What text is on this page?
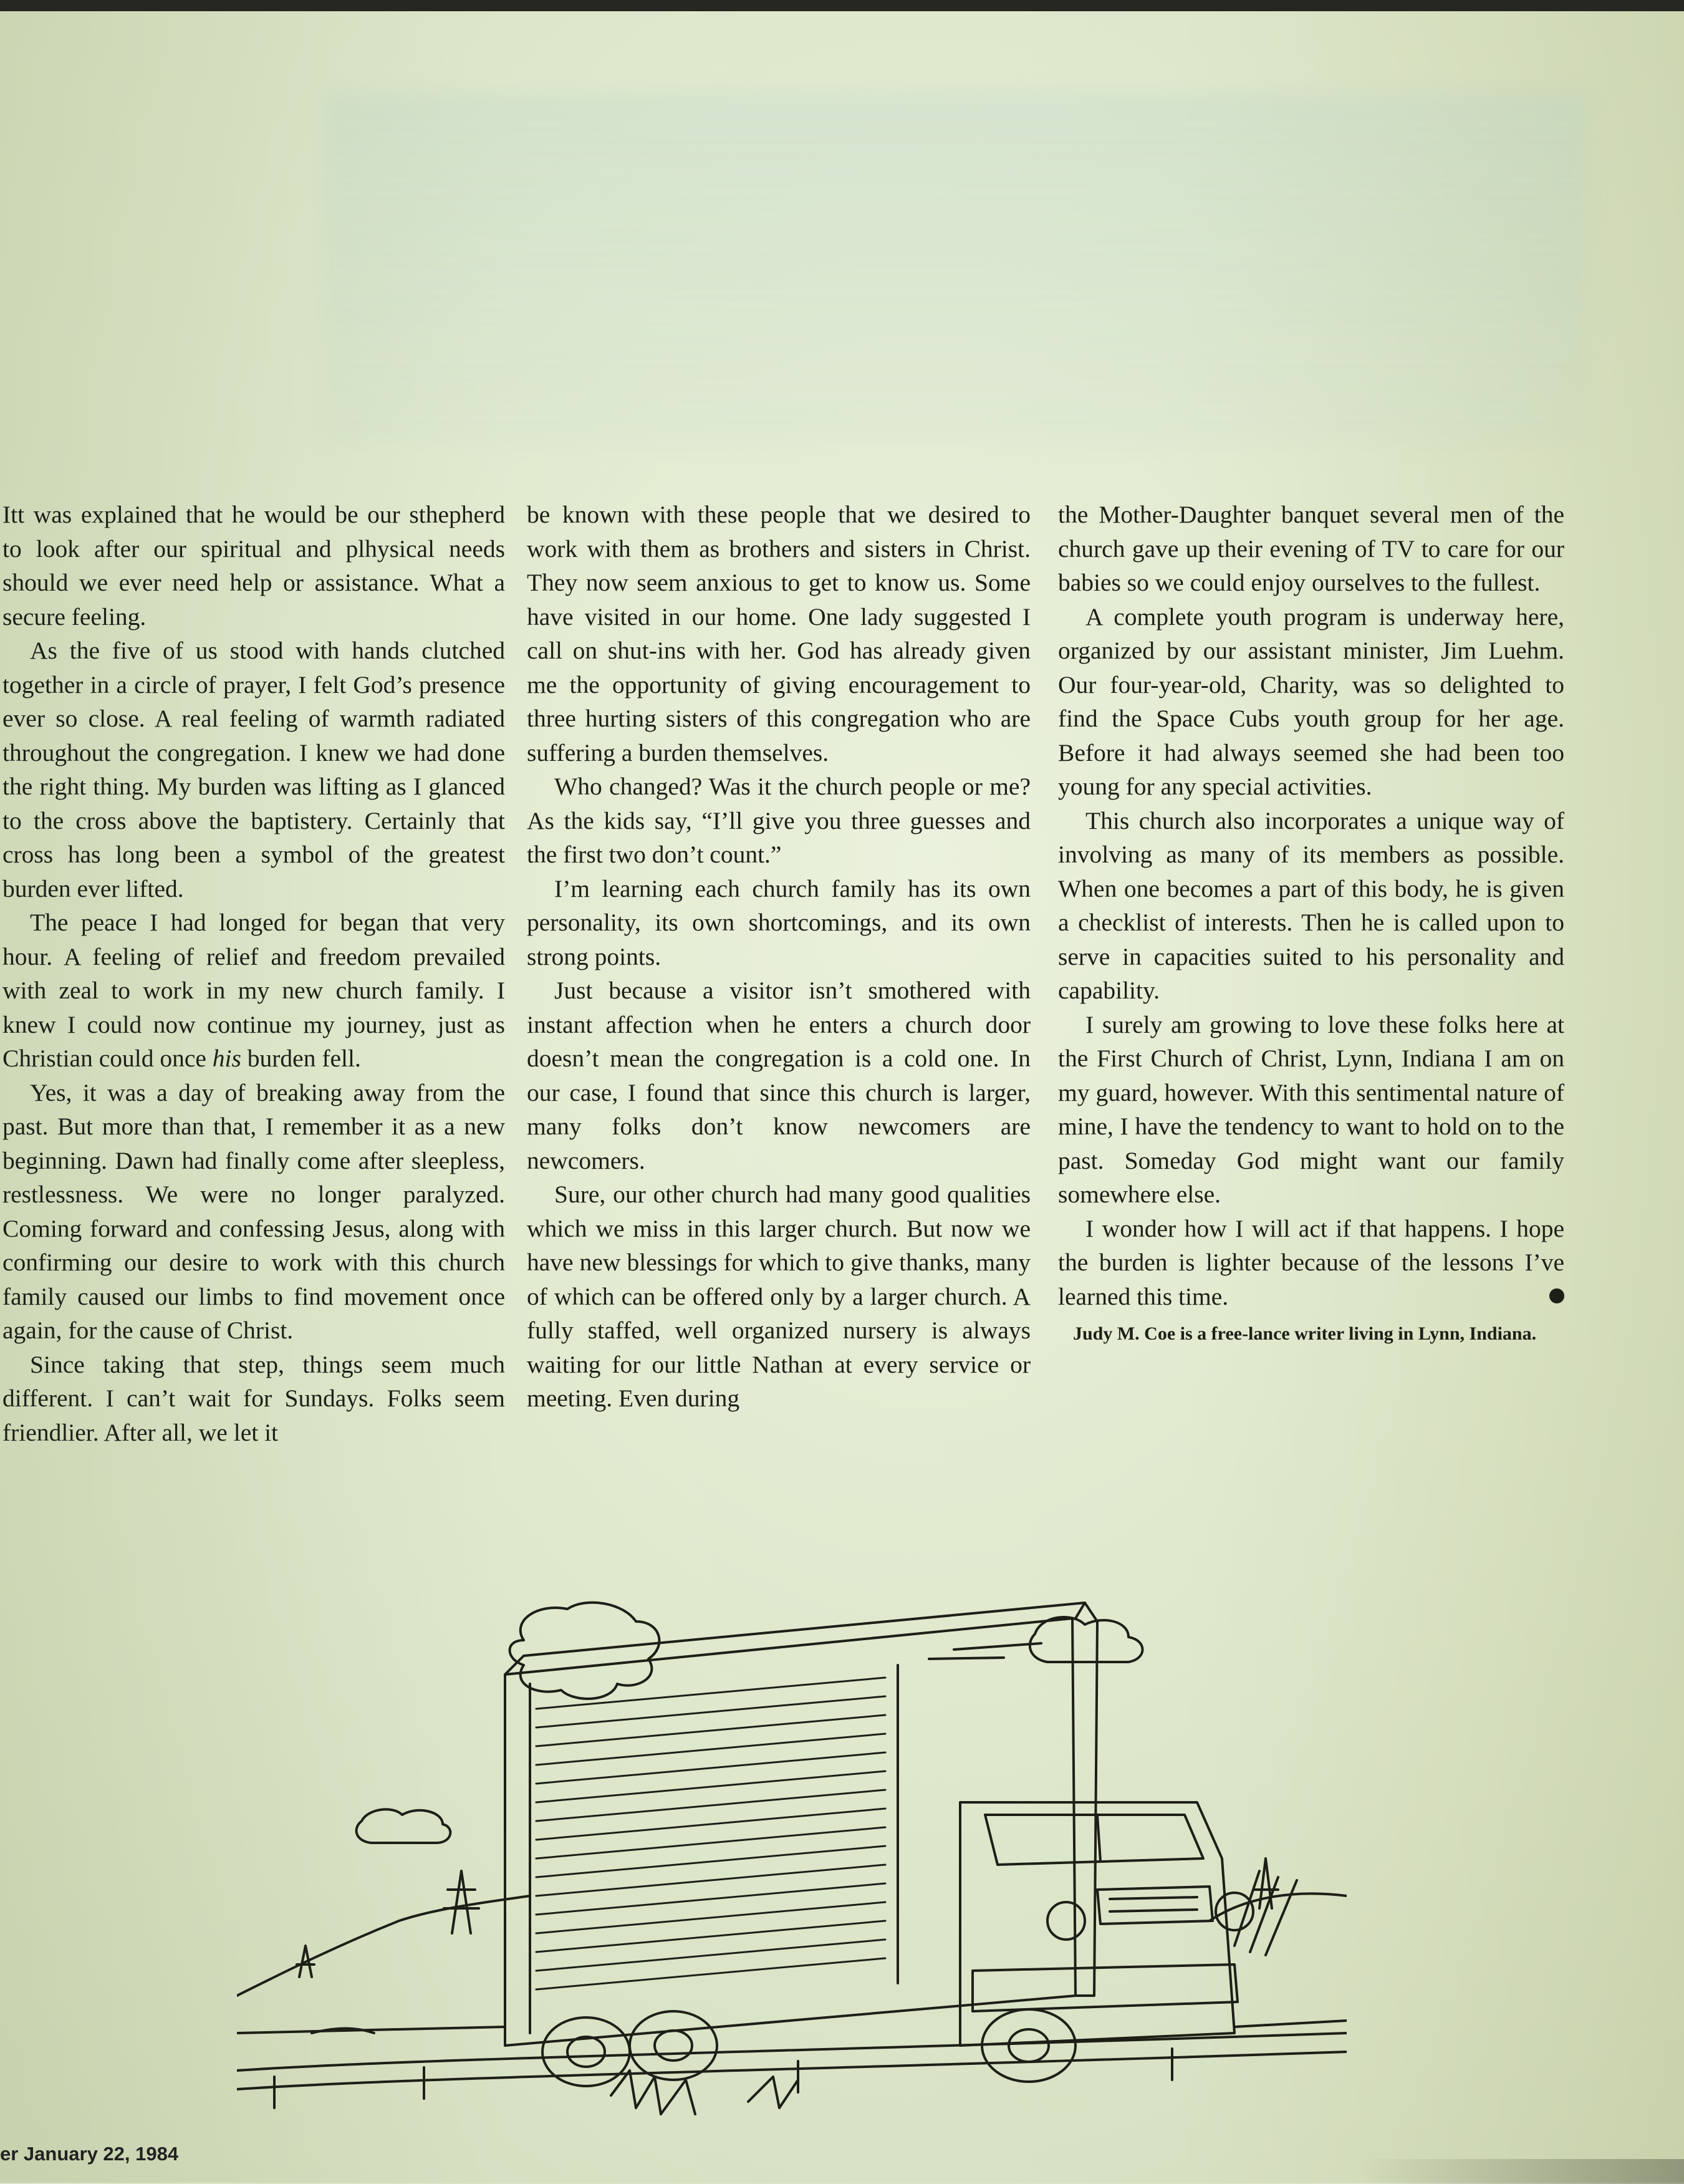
Itt was explained that he would be our sthepherd to look after our spiritual and plhysical needs should we ever need help or assistance. What a secure feeling.

As the five of us stood with hands clutched together in a circle of prayer, I felt God’s presence ever so close. A real feeling of warmth radiated throughout the congregation. I knew we had done the right thing. My burden was lifting as I glanced to the cross above the baptistery. Certainly that cross has long been a symbol of the greatest burden ever lifted.

The peace I had longed for began that very hour. A feeling of relief and freedom prevailed with zeal to work in my new church family. I knew I could now continue my journey, just as Christian could once his burden fell.

Yes, it was a day of breaking away from the past. But more than that, I remember it as a new beginning. Dawn had finally come after sleepless, restlessness. We were no longer paralyzed. Coming forward and confessing Jesus, along with confirming our desire to work with this church family caused our limbs to find movement once again, for the cause of Christ.

Since taking that step, things seem much different. I can’t wait for Sundays. Folks seem friendlier. After all, we let it

be known with these people that we desired to work with them as brothers and sisters in Christ. They now seem anxious to get to know us. Some have visited in our home. One lady suggested I call on shut-ins with her. God has already given me the opportunity of giving encouragement to three hurting sisters of this congregation who are suffering a burden themselves.

Who changed? Was it the church people or me? As the kids say, “I’ll give you three guesses and the first two don’t count.”

I’m learning each church family has its own personality, its own shortcomings, and its own strong points.

Just because a visitor isn’t smothered with instant affection when he enters a church door doesn’t mean the congregation is a cold one. In our case, I found that since this church is larger, many folks don’t know newcomers are newcomers.

Sure, our other church had many good qualities which we miss in this larger church. But now we have new blessings for which to give thanks, many of which can be offered only by a larger church. A fully staffed, well organized nursery is always waiting for our little Nathan at every service or meeting. Even during

the Mother-Daughter banquet several men of the church gave up their evening of TV to care for our babies so we could enjoy ourselves to the fullest.

A complete youth program is underway here, organized by our assistant minister, Jim Luehm. Our four-year-old, Charity, was so delighted to find the Space Cubs youth group for her age. Before it had always seemed she had been too young for any special activities.

This church also incorporates a unique way of involving as many of its members as possible. When one becomes a part of this body, he is given a checklist of interests. Then he is called upon to serve in capacities suited to his personality and capability.

I surely am growing to love these folks here at the First Church of Christ, Lynn, Indiana I am on my guard, however. With this sentimental nature of mine, I have the tendency to want to hold on to the past. Someday God might want our family somewhere else.

I wonder how I will act if that happens. I hope the burden is lighter because of the lessons I’ve learned this time.

Judy M. Coe is a free-lance writer living in Lynn, Indiana.

er January 22, 1984
